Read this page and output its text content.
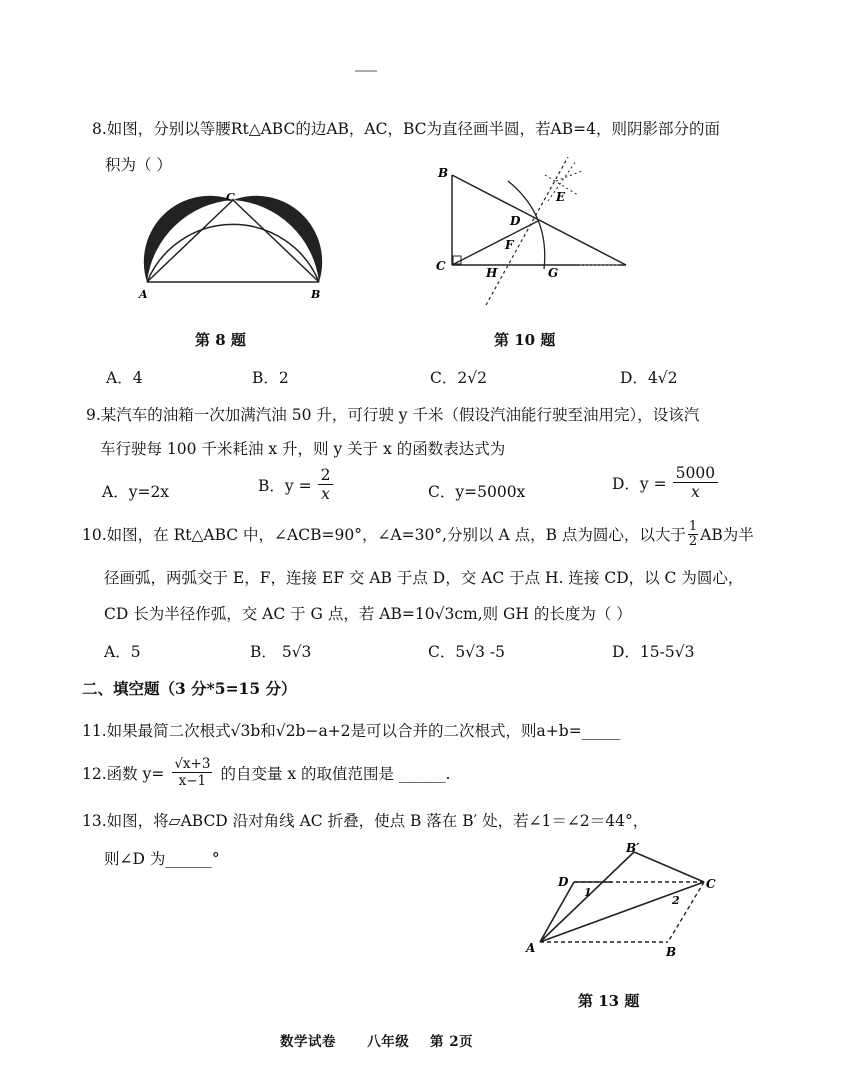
8.如图，分别以等腰Rt△ABC的边AB，AC，BC为直径画半圆，若AB=4，则阴影部分的面
积为（ ）
A	B
C
第 8 题
B
C
D
E
F
H	G
第 10 题
A．4	B．2	C．2√2	D．4√2
9.某汽车的油箱一次加满汽油 50 升，可行驶 y 千米（假设汽油能行驶至油用完），设该汽
车行驶每 100 千米耗油 x 升，则 y 关于 x 的函数表达式为
A．y=2x	B．$y = \frac{2}{x}$	C．y=5000x	D．$y = \frac{5000}{x}$
10.如图，在 Rt△ABC 中，∠ACB=90°，∠A=30°,分别以 A 点，B 点为圆心，以大于 $\frac{1}{2}$ AB为半
径画弧，两弧交于 E，F，连接 EF 交 AB 于点 D，交 AC 于点 H. 连接 CD，以 C 为圆心，
CD 长为半径作弧，交 AC 于 G 点，若 AB=10√3cm,则 GH 的长度为（ ）
A．5	B． 5√3	C．5√3 -5	D．15-5√3
二、填空题（3 分*5=15 分）
11.如果最简二次根式√3b和√2b−a+2是可以合并的二次根式，则a+b=_____
12.函数 $y= \frac{√x+3}{x-1}$ 的自变量 x 的取值范围是 ______.
13.如图，将▱ABCD 沿对角线 AC 折叠，使点 B 落在 B′ 处，若∠1＝∠2＝44°，
则∠D 为______°
A	B
C
D
B′
1
2
第 13 题
数学试卷      八年级    第 2页
